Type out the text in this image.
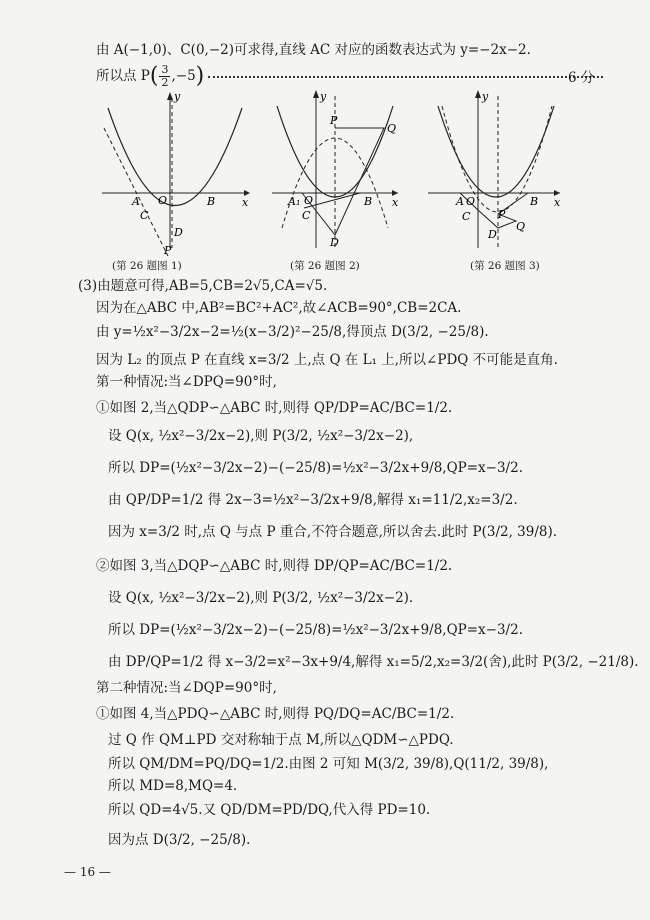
由 A(−1,0)、C(0,−2)可求得,直线 AC 对应的函数表达式为 y=−2x−2.
所以点 $P( \frac{3}{2} ,-5)$	6 分
x
y
A O	B
C
D
P
(第 26 题图 1)
x
y
P
Q
A₁ O	B
C
D
(第 26 题图 2)
x
y
A O	B
C	P
Q
D
(第 26 题图 3)
(3)由题意可得,AB=5,CB=2√5,CA=√5.
因为在△ABC 中,AB²=BC²+AC²,故∠ACB=90°,CB=2CA.
由 y=½x²−3/2x−2=½(x−3/2)²−25/8,得顶点 D(3/2, −25/8).
因为 L₂ 的顶点 P 在直线 x=3/2 上,点 Q 在 L₁ 上,所以∠PDQ 不可能是直角.
第一种情况:当∠DPQ=90°时,
①如图 2,当△QDP∽△ABC 时,则得 QP/DP=AC/BC=1/2.
设 Q(x, ½x²−3/2x−2),则 P(3/2, ½x²−3/2x−2),
所以 DP=(½x²−3/2x−2)−(−25/8)=½x²−3/2x+9/8,QP=x−3/2.
由 QP/DP=1/2 得 2x−3=½x²−3/2x+9/8,解得 x₁=11/2,x₂=3/2.
因为 x=3/2 时,点 Q 与点 P 重合,不符合题意,所以舍去.此时 P(3/2, 39/8).
②如图 3,当△DQP∽△ABC 时,则得 DP/QP=AC/BC=1/2.
设 Q(x, ½x²−3/2x−2),则 P(3/2, ½x²−3/2x−2).
所以 DP=(½x²−3/2x−2)−(−25/8)=½x²−3/2x+9/8,QP=x−3/2.
由 DP/QP=1/2 得 x−3/2=x²−3x+9/4,解得 x₁=5/2,x₂=3/2(舍),此时 P(3/2, −21/8).
第二种情况:当∠DQP=90°时,
①如图 4,当△PDQ∽△ABC 时,则得 PQ/DQ=AC/BC=1/2.
过 Q 作 QM⊥PD 交对称轴于点 M,所以△QDM∽△PDQ.
所以 QM/DM=PQ/DQ=1/2.由图 2 可知 M(3/2, 39/8),Q(11/2, 39/8),
所以 MD=8,MQ=4.
所以 QD=4√5.又 QD/DM=PD/DQ,代入得 PD=10.
因为点 D(3/2, −25/8).
— 16 —
